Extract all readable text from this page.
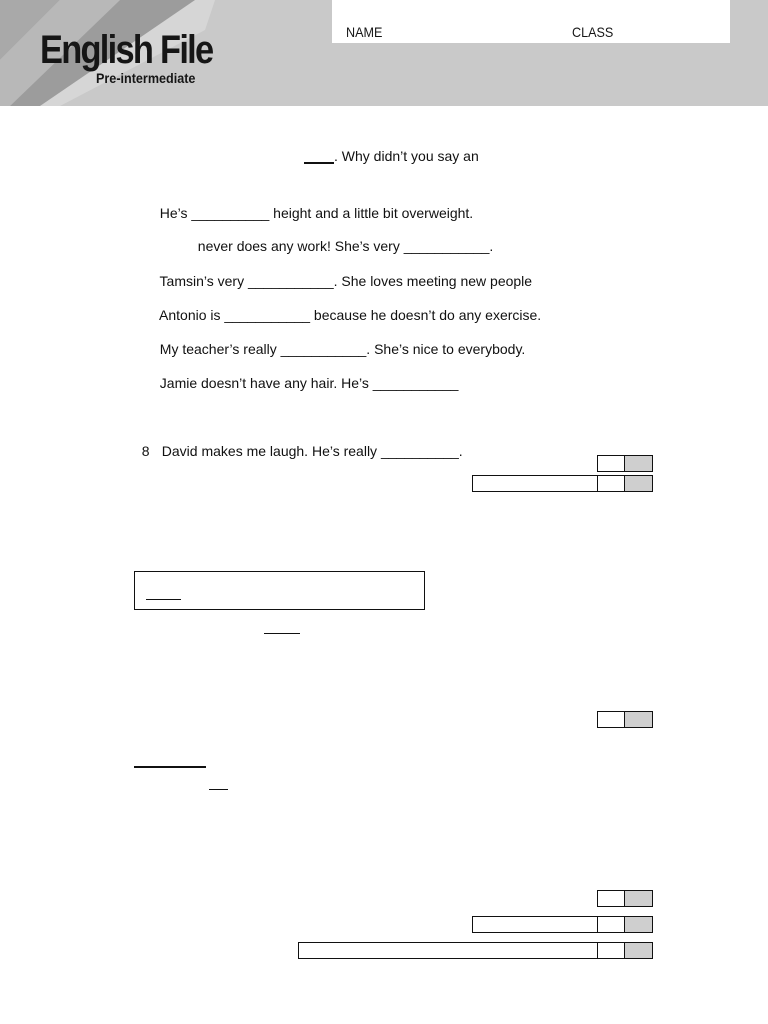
English File
Pre-intermediate
NAME	CLASS
. Why didn’t you say an

He’s __________ height and a little bit overweight.

never does any work! She’s very ___________.

Tamsin’s very ___________. She loves meeting new people

Antonio is ___________ because he doesn’t do any exercise.

My teacher’s really ___________. She’s nice to everybody.

Jamie doesn’t have any hair. He’s ___________

8 David makes me laugh. He’s really __________.
